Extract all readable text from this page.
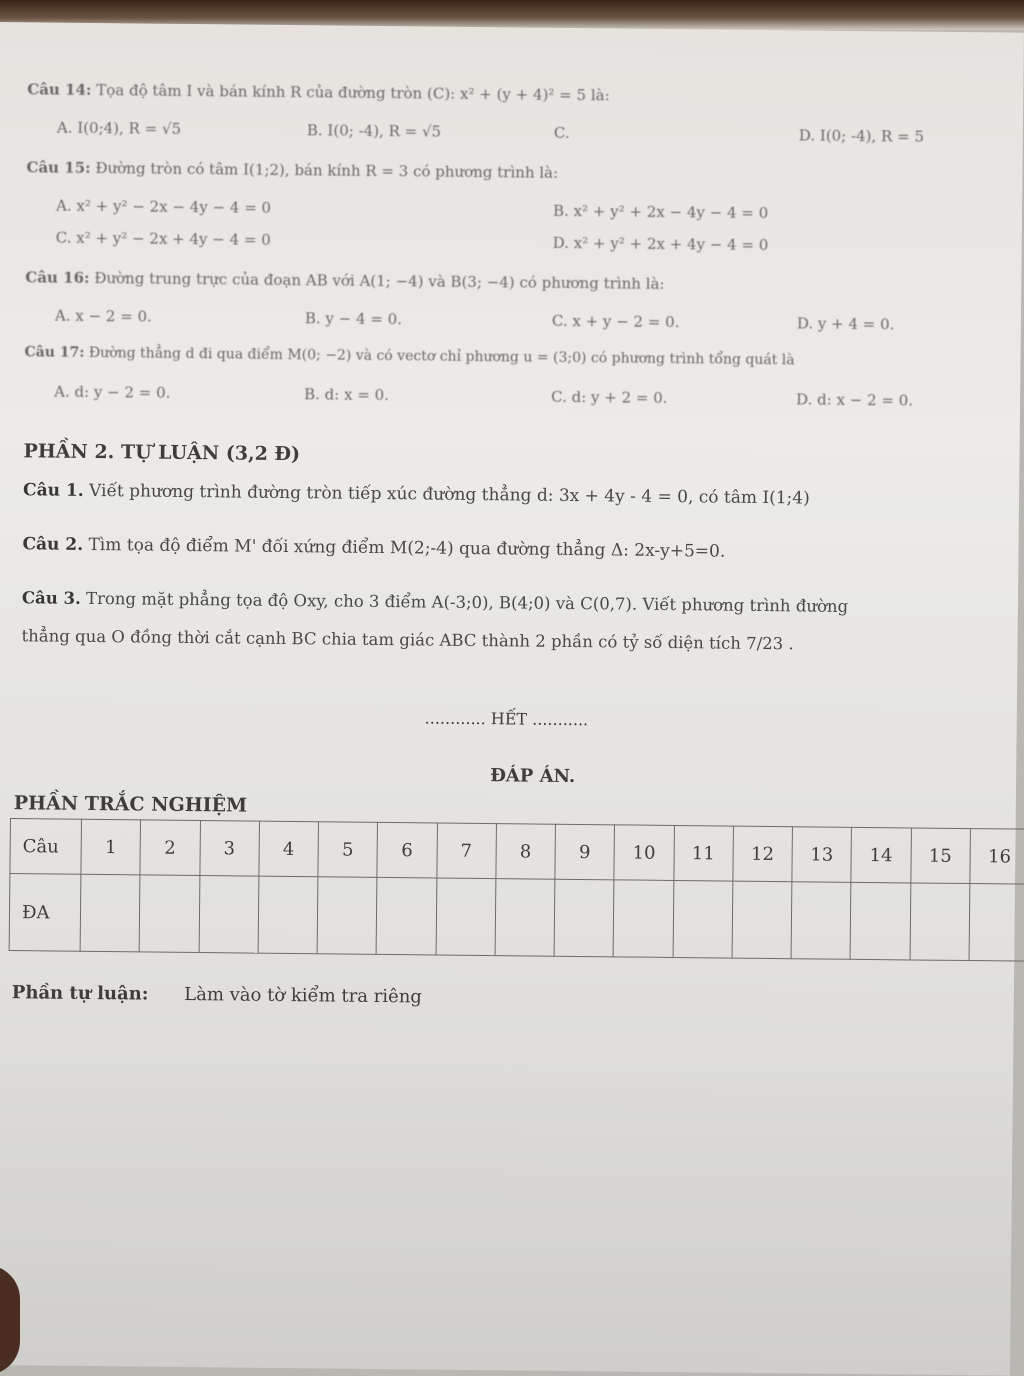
Câu 14: Tọa độ tâm I và bán kính R của đường tròn (C): x² + (y + 4)² = 5 là:
A. I(0;4), R = √5	B. I(0; -4), R = √5	C.	D. I(0; -4), R = 5
Câu 15: Đường tròn có tâm I(1;2), bán kính R = 3 có phương trình là:
A. x² + y² − 2x − 4y − 4 = 0	B. x² + y² + 2x − 4y − 4 = 0
C. x² + y² − 2x + 4y − 4 = 0	D. x² + y² + 2x + 4y − 4 = 0
Câu 16: Đường trung trực của đoạn AB với A(1; −4) và B(3; −4) có phương trình là:
A. x − 2 = 0.	B. y − 4 = 0.	C. x + y − 2 = 0.	D. y + 4 = 0.
Câu 17: Đường thẳng d đi qua điểm M(0; −2) và có vectơ chỉ phương u = (3;0) có phương trình tổng quát là
A. d: y − 2 = 0.	B. d: x = 0.	C. d: y + 2 = 0.	D. d: x − 2 = 0.
PHẦN 2. TỰ LUẬN (3,2 Đ)
Câu 1. Viết phương trình đường tròn tiếp xúc đường thẳng d: 3x + 4y - 4 = 0, có tâm I(1;4)
Câu 2. Tìm tọa độ điểm M' đối xứng điểm M(2;-4) qua đường thẳng Δ: 2x-y+5=0.
Câu 3. Trong mặt phẳng tọa độ Oxy, cho 3 điểm A(-3;0), B(4;0) và C(0,7). Viết phương trình đường
thẳng qua O đồng thời cắt cạnh BC chia tam giác ABC thành 2 phần có tỷ số diện tích 7/23 .
............ HẾT ...........
ĐÁP ÁN.
PHẦN TRẮC NGHIỆM
Phần tự luận: Làm vào tờ kiểm tra riêng
Câu	1	2	3	4	5	6	7	8	9	10	11	12	13	14	15	16
ĐA																
